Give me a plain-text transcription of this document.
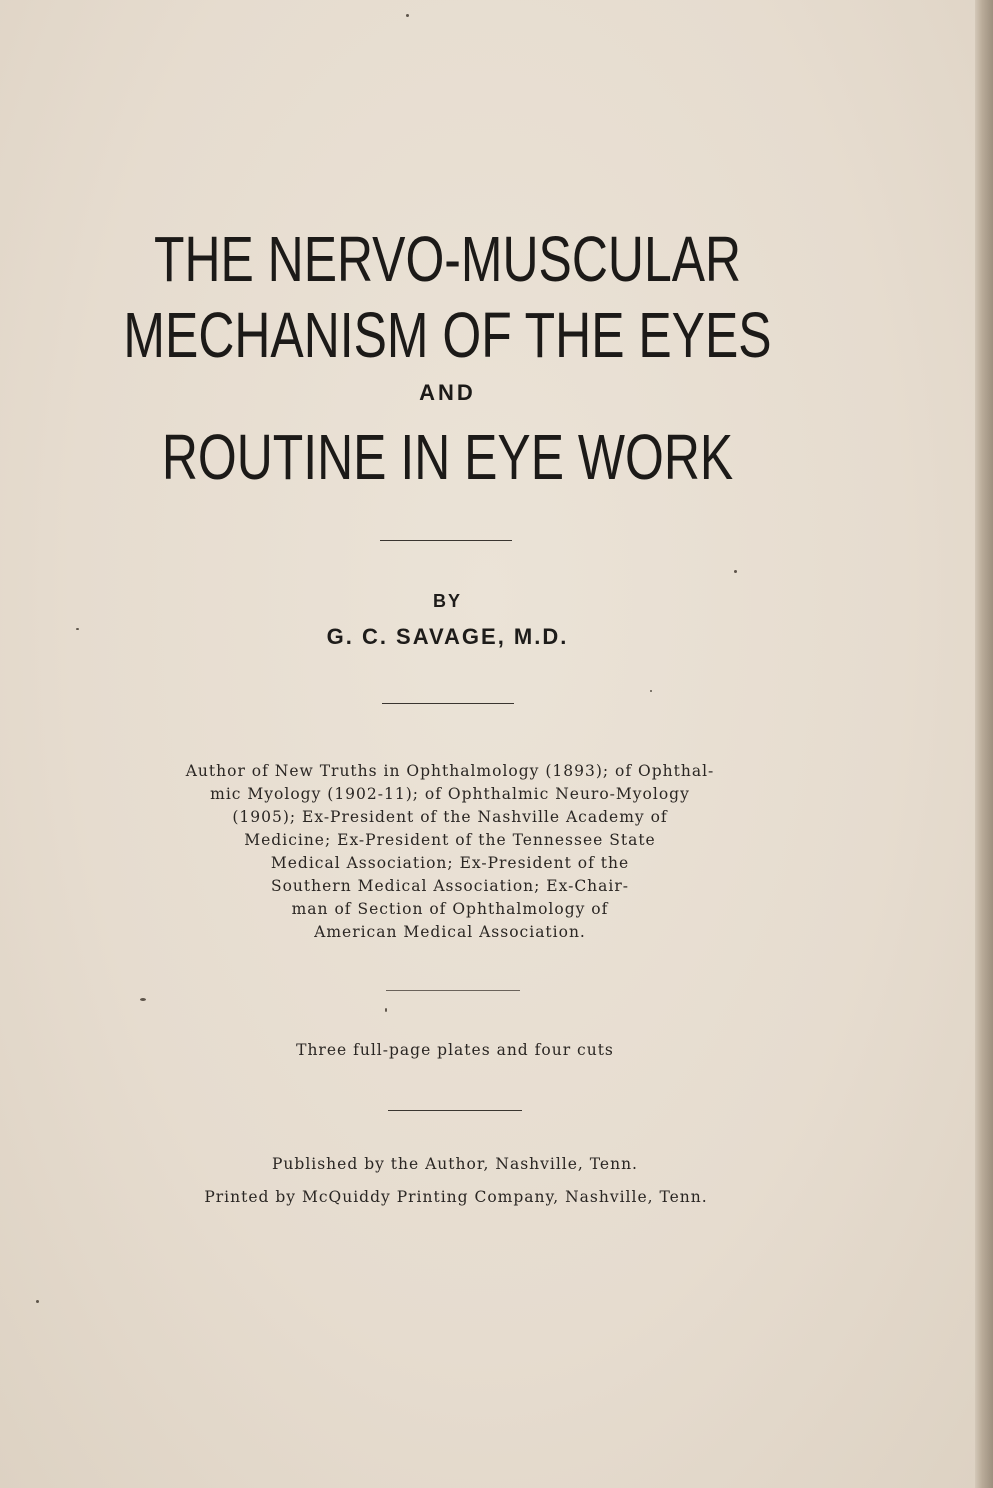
THE NERVO-MUSCULAR
MECHANISM OF THE EYES
AND
ROUTINE IN EYE WORK
BY
G. C. SAVAGE, M.D.
Author of New Truths in Ophthalmology (1893); of Ophthal-
mic Myology (1902-11); of Ophthalmic Neuro-Myology
(1905); Ex-President of the Nashville Academy of
Medicine; Ex-President of the Tennessee State
Medical Association; Ex-President of the
Southern Medical Association; Ex-Chair-
man of Section of Ophthalmology of
American Medical Association.
Three full-page plates and four cuts
Published by the Author, Nashville, Tenn.
Printed by McQuiddy Printing Company, Nashville, Tenn.
